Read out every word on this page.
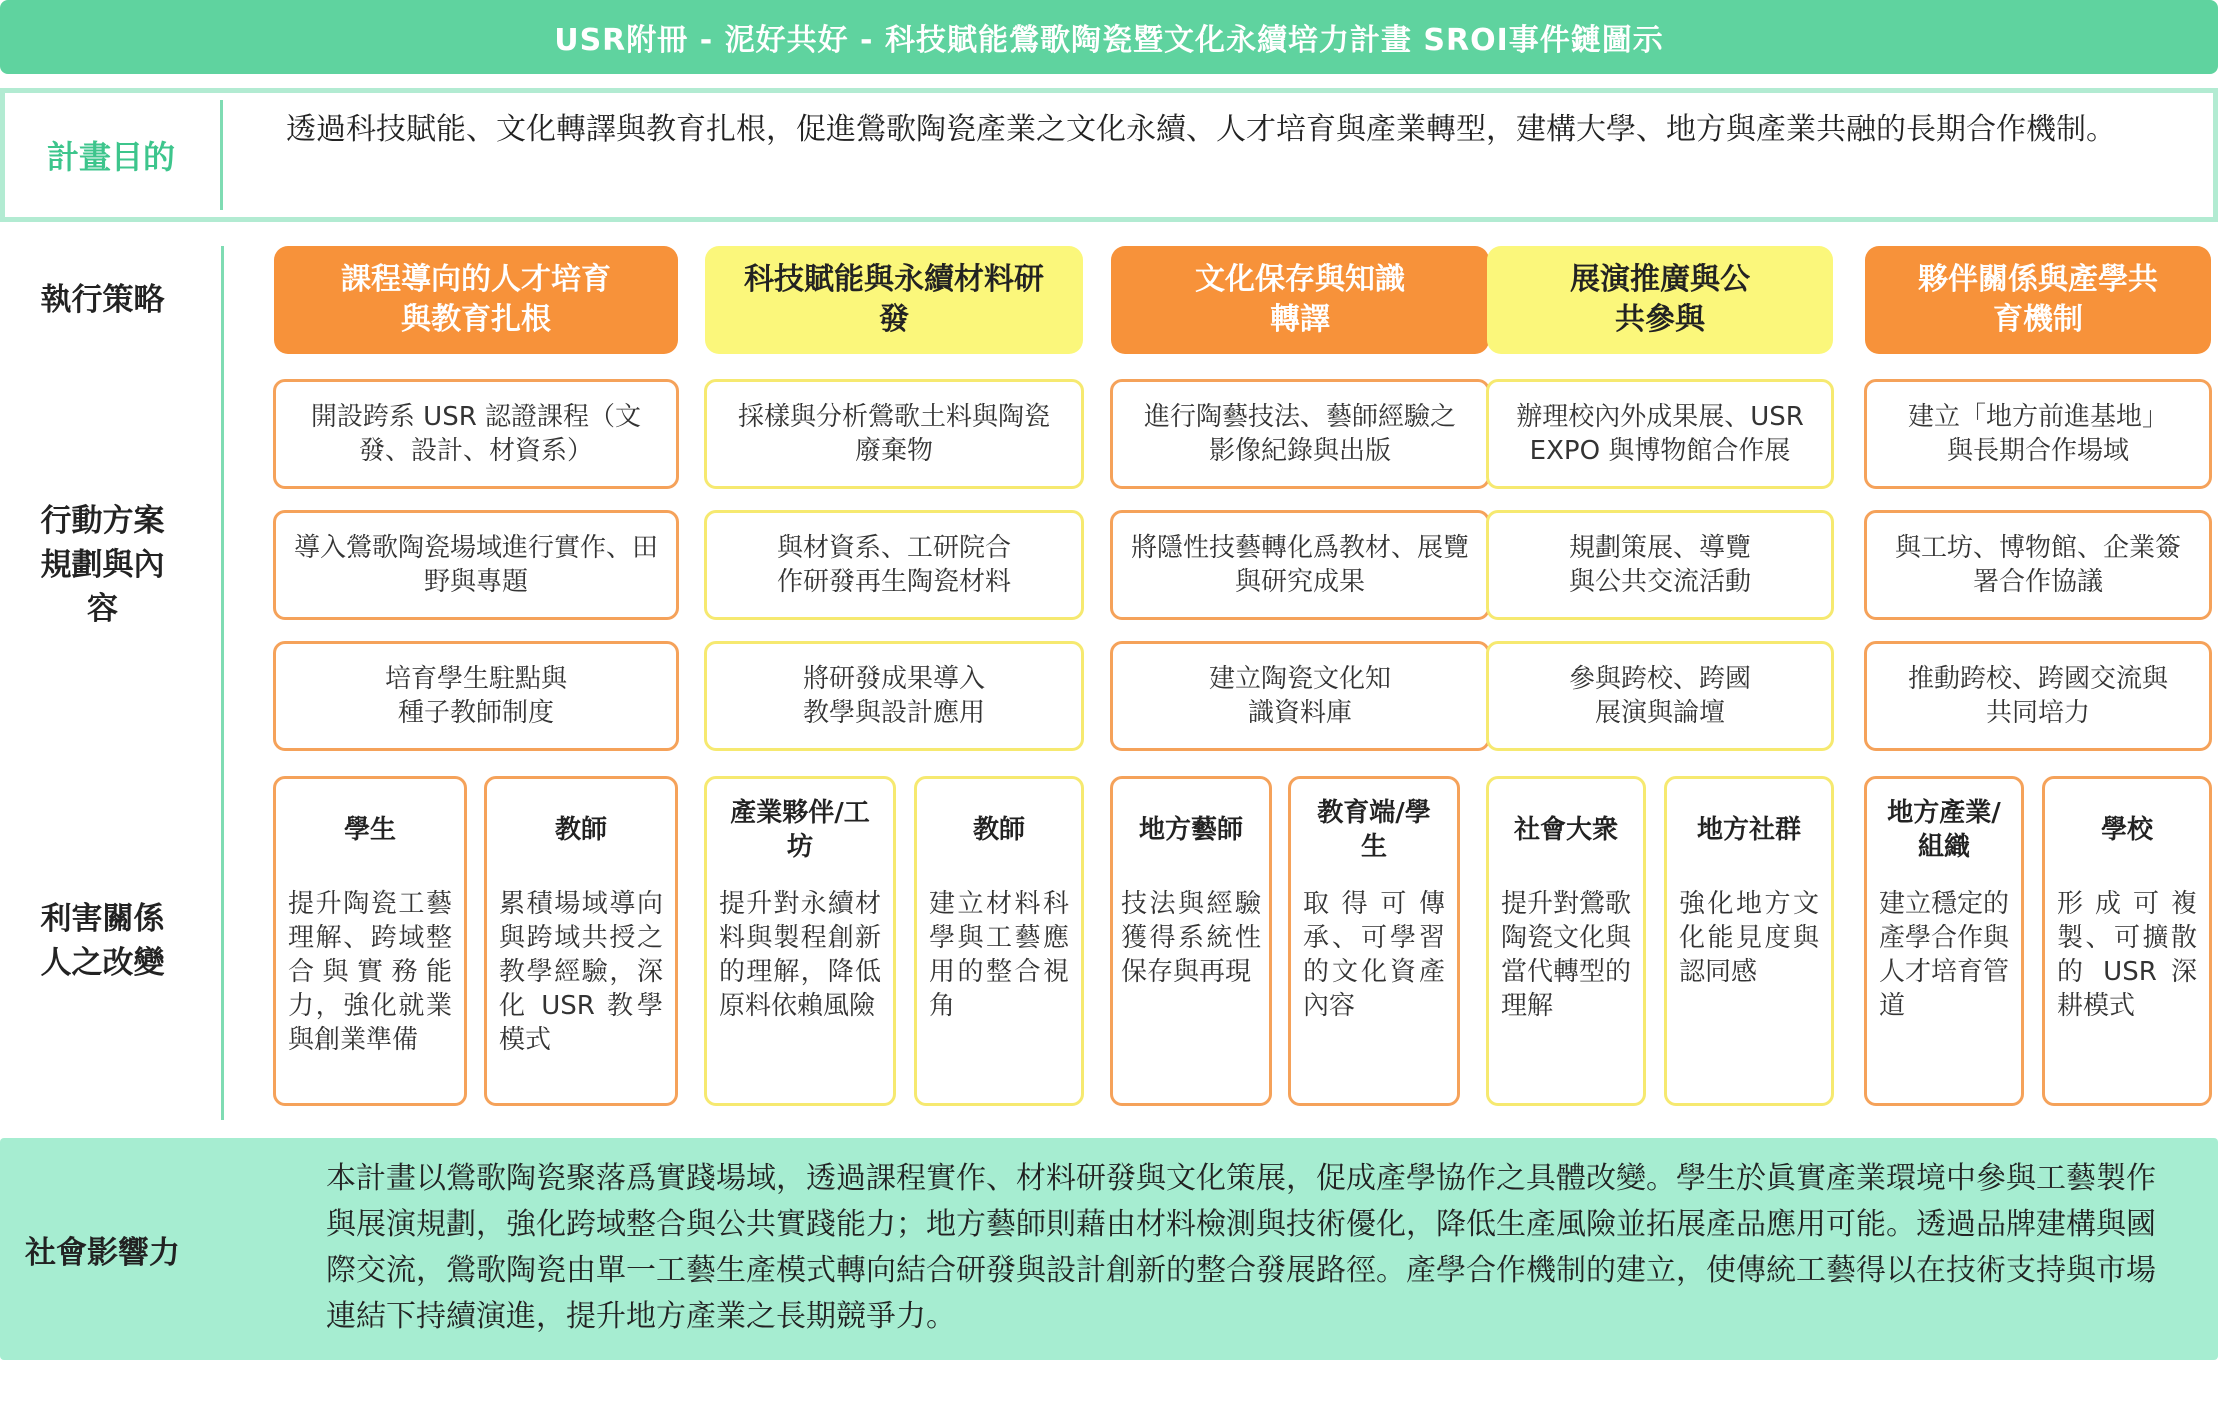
USR附冊 - 泥好共好 - 科技賦能鶯歌陶瓷暨文化永續培力計畫 SROI事件鏈圖示
計畫目的
透過科技賦能、文化轉譯與教育扎根，促進鶯歌陶瓷產業之文化永續、人才培育與產業轉型，建構大學、地方與產業共融的長期合作機制。
執行策略
行動方案規劃與內容
利害關係人之改變
課程導向的人才培育與教育扎根
開設跨系 USR 認證課程（文發、設計、材資系）
導入鶯歌陶瓷場域進行實作、田野與專題
培育學生駐點與種子教師制度
學生
提升陶瓷工藝理解、跨域整合與實務能力，強化就業與創業準備
教師
累積場域導向與跨域共授之教學經驗，深化 USR 教學模式
科技賦能與永續材料研發
採樣與分析鶯歌土料與陶瓷廢棄物
與材資系、工研院合作研發再生陶瓷材料
將研發成果導入教學與設計應用
產業夥伴/工坊
提升對永續材料與製程創新的理解，降低原料依賴風險
教師
建立材料科學與工藝應用的整合視角
文化保存與知識轉譯
進行陶藝技法、藝師經驗之影像紀錄與出版
將隱性技藝轉化爲教材、展覽與研究成果
建立陶瓷文化知識資料庫
地方藝師
技法與經驗獲得系統性保存與再現
教育端/學生
取得可傳承、可學習的文化資產內容
展演推廣與公共參與
辦理校內外成果展、USR EXPO 與博物館合作展
規劃策展、導覽與公共交流活動
參與跨校、跨國展演與論壇
社會大衆
提升對鶯歌陶瓷文化與當代轉型的理解
地方社群
強化地方文化能見度與認同感
夥伴關係與產學共育機制
建立「地方前進基地」與長期合作場域
與工坊、博物館、企業簽署合作協議
推動跨校、跨國交流與共同培力
地方產業/組織
建立穩定的產學合作與人才培育管道
學校
形成可複製、可擴散的 USR 深耕模式
社會影響力
本計畫以鶯歌陶瓷聚落爲實踐場域，透過課程實作、材料研發與文化策展，促成產學協作之具體改變。學生於眞實產業環境中參與工藝製作與展演規劃，強化跨域整合與公共實踐能力；地方藝師則藉由材料檢測與技術優化，降低生產風險並拓展產品應用可能。透過品牌建構與國際交流，鶯歌陶瓷由單一工藝生產模式轉向結合研發與設計創新的整合發展路徑。產學合作機制的建立，使傳統工藝得以在技術支持與市場連結下持續演進，提升地方產業之長期競爭力。
